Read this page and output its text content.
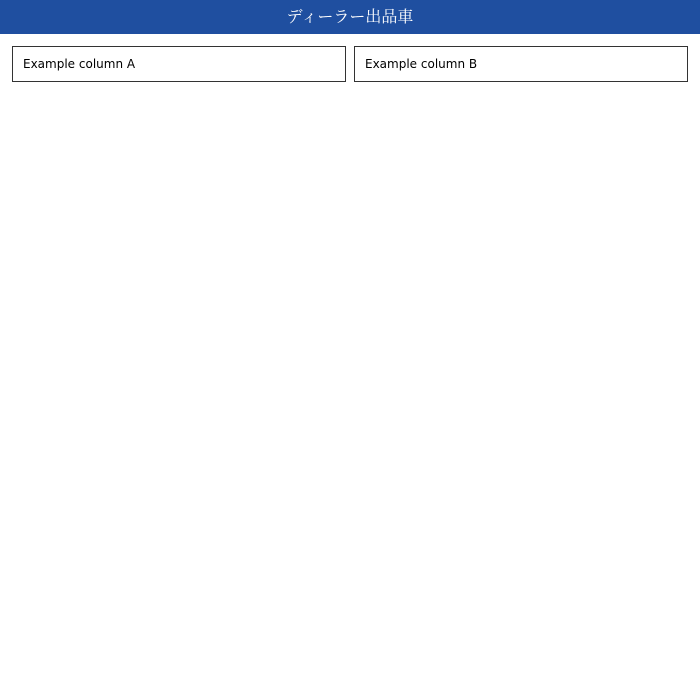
ディーラー出品車
Example column A	Example column B
